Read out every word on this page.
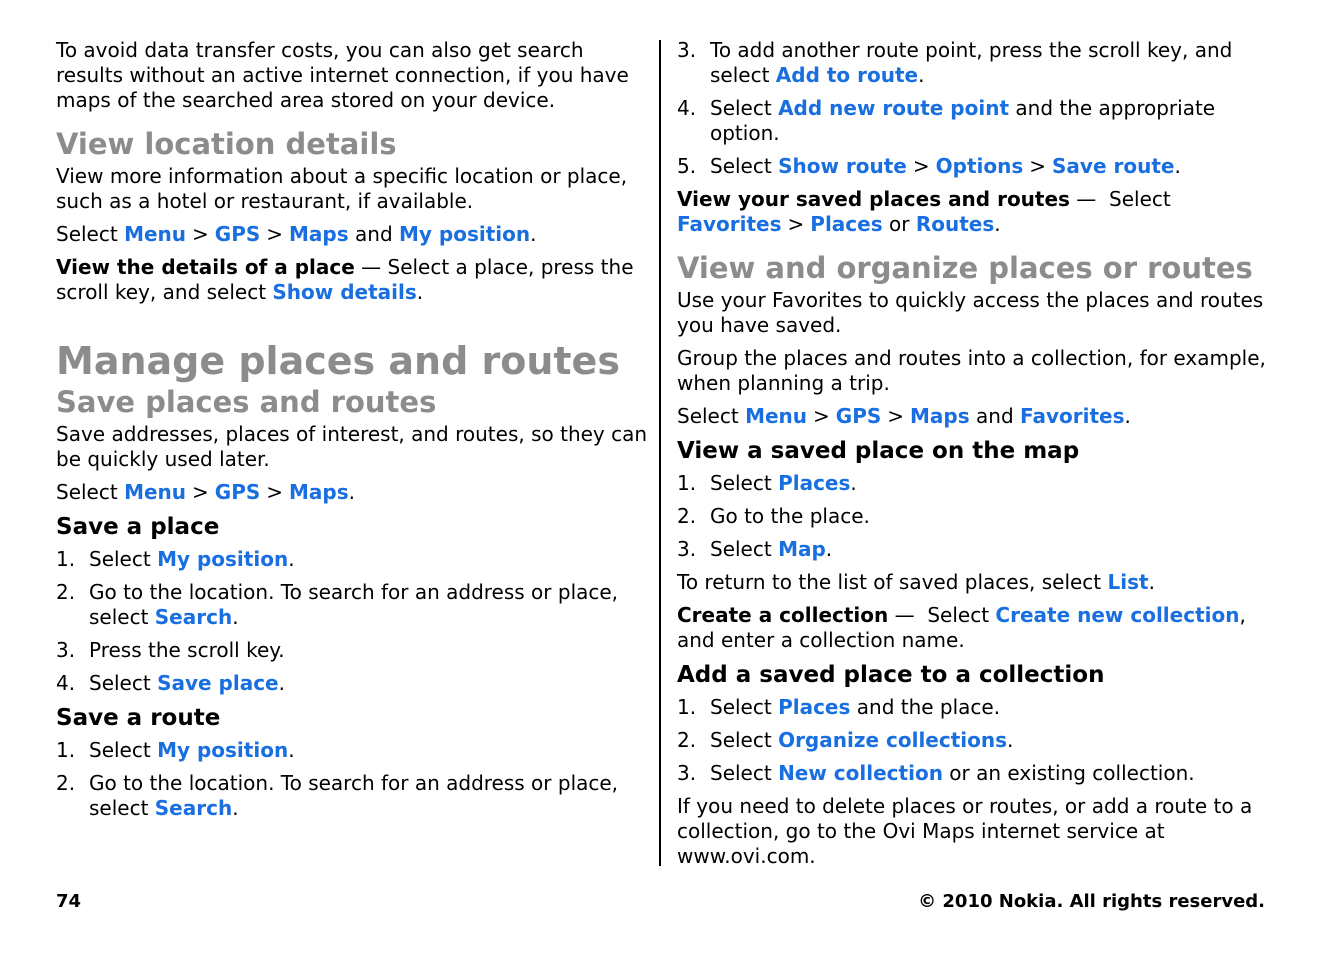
To avoid data transfer costs, you can also get search results without an active internet connection, if you have maps of the searched area stored on your device.

View location details

View more information about a specific location or place, such as a hotel or restaurant, if available.

Select Menu > GPS > Maps and My position.

View the details of a place — Select a place, press the scroll key, and select Show details.

Manage places and routes
Save places and routes

Save addresses, places of interest, and routes, so they can be quickly used later.

Select Menu > GPS > Maps.

Save a place
1. Select My position.
2. Go to the location. To search for an address or place, select Search.
3. Press the scroll key.
4. Select Save place.
Save a route
1. Select My position.
2. Go to the location. To search for an address or place, select Search.
3. To add another route point, press the scroll key, and select Add to route.
4. Select Add new route point and the appropriate option.
5. Select Show route > Options > Save route.

View your saved places and routes —  Select Favorites > Places or Routes.

View and organize places or routes

Use your Favorites to quickly access the places and routes you have saved.

Group the places and routes into a collection, for example, when planning a trip.

Select Menu > GPS > Maps and Favorites.

View a saved place on the map
1. Select Places.
2. Go to the place.
3. Select Map.

To return to the list of saved places, select List.

Create a collection —  Select Create new collection, and enter a collection name.

Add a saved place to a collection
1. Select Places and the place.
2. Select Organize collections.
3. Select New collection or an existing collection.

If you need to delete places or routes, or add a route to a collection, go to the Ovi Maps internet service at www.ovi.com.

74	© 2010 Nokia. All rights reserved.
